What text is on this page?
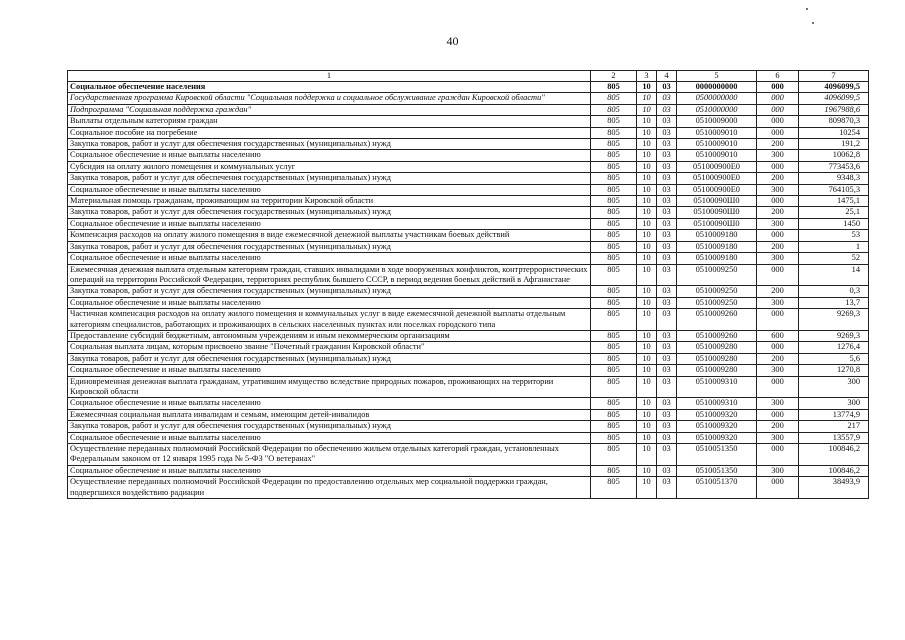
40
1	2	3	4	5	6	7
Социальное обеспечение населения	805	10	03	0000000000	000	4096099,5
Государственная программа Кировской области "Социальная поддержка и социальное обслуживание граждан Кировской области"	805	10	03	0500000000	000	4096099,5
Подпрограмма "Социальная поддержка граждан"	805	10	03	0510000000	000	1967988,6
Выплаты отдельным категориям граждан	805	10	03	0510009000	000	809870,3
Социальное пособие на погребение	805	10	03	0510009010	000	10254
Закупка товаров, работ и услуг для обеспечения государственных (муниципальных) нужд	805	10	03	0510009010	200	191,2
Социальное обеспечение и иные выплаты населению	805	10	03	0510009010	300	10062,8
Субсидия на оплату жилого помещения и коммунальных услуг	805	10	03	051000900Е0	000	773453,6
Закупка товаров, работ и услуг для обеспечения государственных (муниципальных) нужд	805	10	03	051000900Е0	200	9348,3
Социальное обеспечение и иные выплаты населению	805	10	03	051000900Е0	300	764105,3
Материальная помощь гражданам, проживающим на территории Кировской области	805	10	03	05100090Ш0	000	1475,1
Закупка товаров, работ и услуг для обеспечения государственных (муниципальных) нужд	805	10	03	05100090Ш0	200	25,1
Социальное обеспечение и иные выплаты населению	805	10	03	05100090Ш0	300	1450
Компенсация расходов на оплату жилого помещения в виде ежемесячной денежной выплаты участникам боевых действий	805	10	03	0510009180	000	53
Закупка товаров, работ и услуг для обеспечения государственных (муниципальных) нужд	805	10	03	0510009180	200	1
Социальное обеспечение и иные выплаты населению	805	10	03	0510009180	300	52
Ежемесячная денежная выплата отдельным категориям граждан, ставших инвалидами в ходе вооруженных конфликтов, контртеррористических операций на территории Российской Федерации, территориях республик бывшего СССР, в период ведения боевых действий в Афганистане	805	10	03	0510009250	000	14
Закупка товаров, работ и услуг для обеспечения государственных (муниципальных) нужд	805	10	03	0510009250	200	0,3
Социальное обеспечение и иные выплаты населению	805	10	03	0510009250	300	13,7
Частичная компенсация расходов на оплату жилого помещения и коммунальных услуг в виде ежемесячной денежной выплаты отдельным категориям специалистов, работающих и проживающих в сельских населенных пунктах или поселках городского типа	805	10	03	0510009260	000	9269,3
Предоставление субсидий бюджетным, автономным учреждениям и иным некоммерческим организациям	805	10	03	0510009260	600	9269,3
Социальная выплата лицам, которым присвоено звание "Почетный гражданин Кировской области"	805	10	03	0510009280	000	1276,4
Закупка товаров, работ и услуг для обеспечения государственных (муниципальных) нужд	805	10	03	0510009280	200	5,6
Социальное обеспечение и иные выплаты населению	805	10	03	0510009280	300	1270,8
Единовременная денежная выплата гражданам, утратившим имущество вследствие природных пожаров, проживающих на территории Кировской области	805	10	03	0510009310	000	300
Социальное обеспечение и иные выплаты населению	805	10	03	0510009310	300	300
Ежемесячная социальная выплата инвалидам и семьям, имеющим детей-инвалидов	805	10	03	0510009320	000	13774,9
Закупка товаров, работ и услуг для обеспечения государственных (муниципальных) нужд	805	10	03	0510009320	200	217
Социальное обеспечение и иные выплаты населению	805	10	03	0510009320	300	13557,9
Осуществление переданных полномочий Российской Федерации по обеспечению жильем отдельных категорий граждан, установленных Федеральным законом от 12 января 1995 года № 5-ФЗ "О ветеранах"	805	10	03	0510051350	000	100846,2
Социальное обеспечение и иные выплаты населению	805	10	03	0510051350	300	100846,2
Осуществление переданных полномочий Российской Федерации по предоставлению отдельных мер социальной поддержки граждан, подвергшихся воздействию радиации	805	10	03	0510051370	000	38493,9
